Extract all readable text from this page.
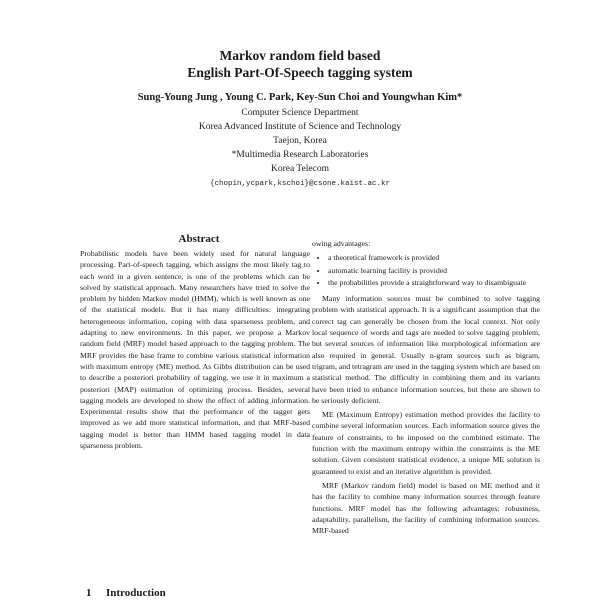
Markov random field based
English Part-Of-Speech tagging system
Sung-Young Jung , Young C. Park, Key-Sun Choi and Youngwhan Kim*
Computer Science Department
Korea Advanced Institute of Science and Technology
Taejon, Korea
*Multimedia Research Laboratories
Korea Telecom
{chopin,ycpark,kschoi}@csone.kaist.ac.kr
Abstract

Probabilistic models have been widely used for natural language processing. Part-of-speech tagging, which assigns the most likely tag to each word in a given sentence, is one of the problems which can be solved by statistical approach. Many researchers have tried to solve the problem by hidden Markov model (HMM), which is well known as one of the statistical models. But it has many difficulties: integrating heterogeneous information, coping with data sparseness problem, and adapting to new environments. In this paper, we propose a Markov random field (MRF) model based approach to the tagging problem. The MRF provides the base frame to combine various statistical information with maximum entropy (ME) method. As Gibbs distribution can be used to describe a posteriori probability of tagging, we use it in maximum a posteriori (MAP) estimation of optimizing process. Besides, several tagging models are developed to show the effect of adding information. Experimental results show that the performance of the tagger gets improved as we add more statistical information, and that MRF-based tagging model is better than HMM based tagging model in data sparseness problem.

owing advantages:

• a theoretical framework is provided
• automatic learning facility is provided
• the probabilities provide a straightforward way to disambiguate

Many information sources must be combined to solve tagging problem with statistical approach. It is a significant assumption that the correct tag can generally be chosen from the local context. Not only local sequence of words and tags are needed to solve tagging problem, but several sources of information like morphological information are also required in general. Usually n-gram sources such as bigram, trigram, and tetragram are used in the tagging system which are based on statistical method. The difficulty in combining them and its variants have been tried to enhance information sources, but these are shown to be seriously deficient.

ME (Maximum Entropy) estimation method provides the facility to combine several information sources. Each information source gives the feature of constraints, to be imposed on the combined estimate. The function with the maximum entropy within the constraints is the ME solution. Given consistent statistical evidence, a unique ME solution is guaranteed to exist and an iterative algorithm is provided.

MRF (Markov random field) model is based on ME method and it has the facility to combine many information sources through feature functions. MRF model has the following advantages: robustness, adaptability, parallelism, the facility of combining information sources. MRF-based

1 Introduction
